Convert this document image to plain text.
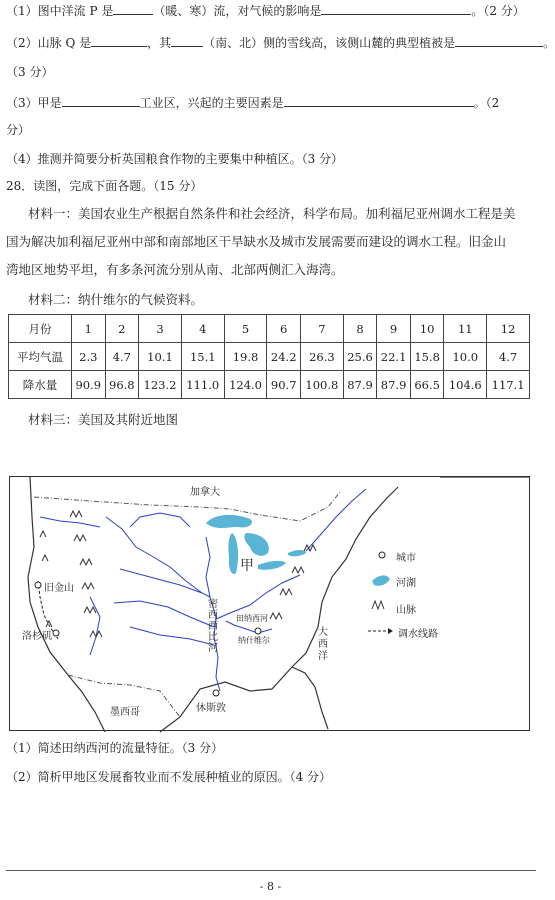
（1）图中洋流 P 是	（暖、寒）流，对气候的影响是	。（2 分）
（2）山脉 Q 是	，其	（南、北）侧的雪线高，该侧山麓的典型植被是	。
（3 分）
（3）甲是	工业区，兴起的主要因素是	。（2
分）
（4）推测并简要分析英国粮食作物的主要集中种植区。（3 分）
28．读图，完成下面各题。（15 分）
材料一：美国农业生产根据自然条件和社会经济，科学布局。加利福尼亚州调水工程是美
国为解决加利福尼亚州中部和南部地区干旱缺水及城市发展需要而建设的调水工程。旧金山
湾地区地势平坦，有多条河流分别从南、北部两侧汇入海湾。
材料二：纳什维尔的气候资料。
月份	1	2	3	4	5	6	7	8	9	10	11	12
平均气温	2.3	4.7	10.1	15.1	19.8	24.2	26.3	25.6	22.1	15.8	10.0	4.7
降水量	90.9	96.8	123.2	111.0	124.0	90.7	100.8	87.9	87.9	66.5	104.6	117.1
材料三：美国及其附近地图
加拿大
甲
旧金山
洛杉矶
田纳西河
纳什维尔
密西西比河
休斯敦
墨西哥
大西洋
城市
河湖
山脉
调水线路
（1）简述田纳西河的流量特征。（3 分）
（2）简析甲地区发展畜牧业而不发展种植业的原因。（4 分）
- 8 -
